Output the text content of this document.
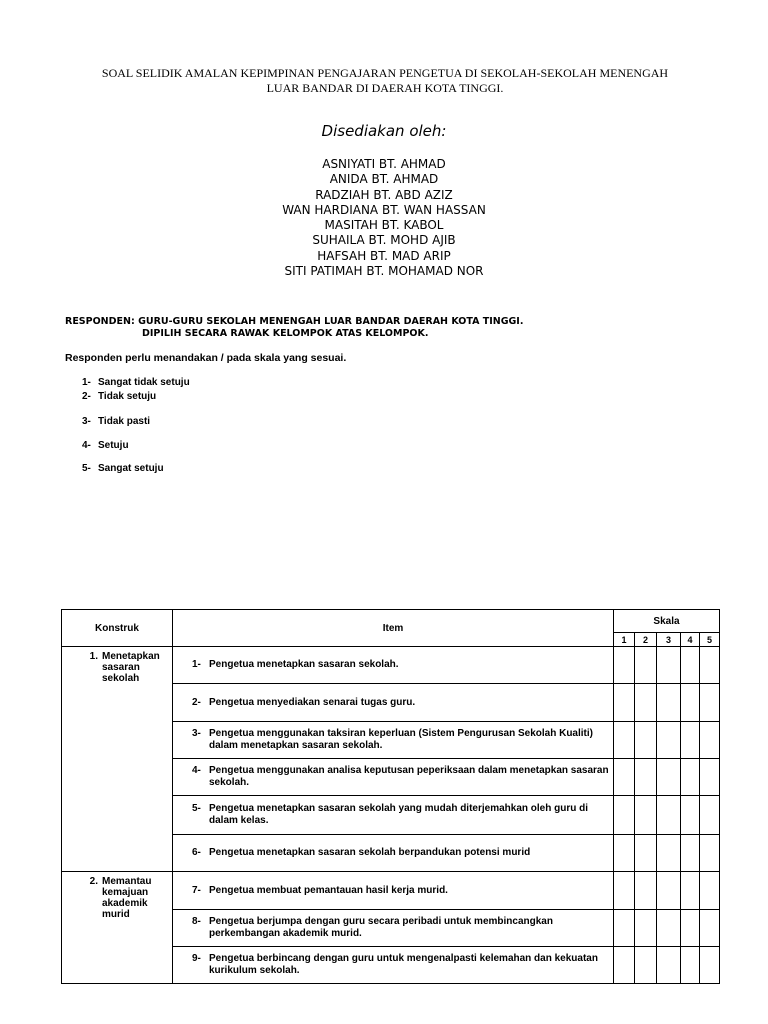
SOAL SELIDIK AMALAN KEPIMPINAN PENGAJARAN PENGETUA DI SEKOLAH-SEKOLAH MENENGAH
LUAR BANDAR DI DAERAH KOTA TINGGI.
Disediakan oleh:
ASNIYATI BT. AHMAD
ANIDA BT. AHMAD
RADZIAH BT. ABD AZIZ
WAN HARDIANA BT. WAN HASSAN
MASITAH BT. KABOL
SUHAILA BT. MOHD AJIB
HAFSAH BT. MAD ARIP
SITI PATIMAH BT. MOHAMAD NOR
RESPONDEN: GURU-GURU SEKOLAH MENENGAH LUAR BANDAR DAERAH KOTA TINGGI.
DIPILIH SECARA RAWAK KELOMPOK ATAS KELOMPOK.
Responden perlu menandakan / pada skala yang sesuai.
1- Sangat tidak setuju
2- Tidak setuju
3- Tidak pasti
4- Setuju
5- Sangat setuju
Konstruk	Item	Skala				
		1	2	3	4	5

1. Menetapkan sasaran sekolah	1- Pengetua menetapkan sasaran sekolah.					

	2- Pengetua menyediakan senarai tugas guru.					

	3- Pengetua menggunakan taksiran keperluan (Sistem Pengurusan Sekolah Kualiti) dalam menetapkan sasaran sekolah.					

	4- Pengetua menggunakan analisa keputusan peperiksaan dalam menetapkan sasaran sekolah.					

	5- Pengetua menetapkan sasaran sekolah yang mudah diterjemahkan oleh guru di dalam kelas.					

	6- Pengetua menetapkan sasaran sekolah berpandukan potensi murid					

2. Memantau kemajuan akademik murid	7- Pengetua membuat pemantauan hasil kerja murid.					

	8- Pengetua berjumpa dengan guru secara peribadi untuk membincangkan perkembangan akademik murid.					

	9- Pengetua berbincang dengan guru untuk mengenalpasti kelemahan dan kekuatan kurikulum sekolah.					
